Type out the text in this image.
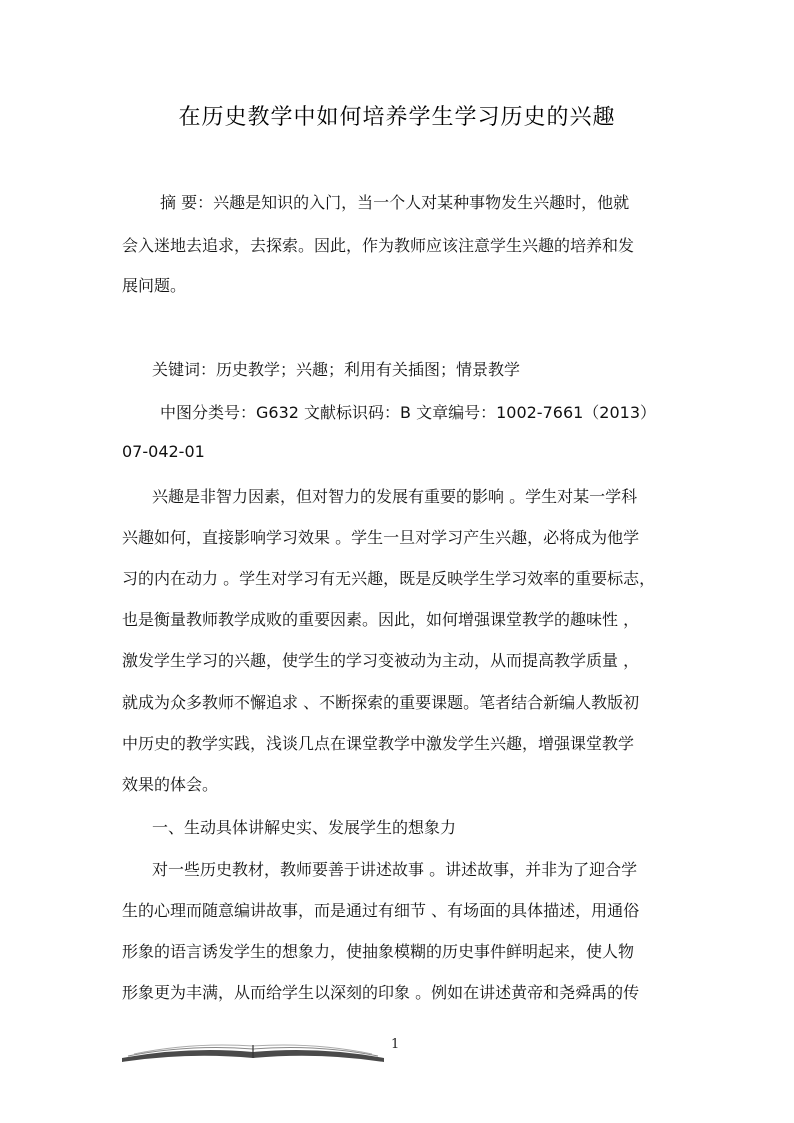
在历史教学中如何培养学生学习历史的兴趣
摘 要：兴趣是知识的入门，当一个人对某种事物发生兴趣时，他就
会入迷地去追求，去探索。因此，作为教师应该注意学生兴趣的培养和发
展问题。
关键词：历史教学；兴趣；利用有关插图；情景教学
中图分类号：G632 文献标识码：B 文章编号：1002-7661（2013）
07-042-01
兴趣是非智力因素，但对智力的发展有重要的影响 。学生对某一学科
兴趣如何，直接影响学习效果 。学生一旦对学习产生兴趣，必将成为他学
习的内在动力 。学生对学习有无兴趣，既是反映学生学习效率的重要标志，
也是衡量教师教学成败的重要因素。因此，如何增强课堂教学的趣味性 ，
激发学生学习的兴趣，使学生的学习变被动为主动，从而提高教学质量 ，
就成为众多教师不懈追求 、不断探索的重要课题。笔者结合新编人教版初
中历史的教学实践，浅谈几点在课堂教学中激发学生兴趣，增强课堂教学
效果的体会。
一、生动具体讲解史实、发展学生的想象力
对一些历史教材，教师要善于讲述故事 。讲述故事，并非为了迎合学
生的心理而随意编讲故事，而是通过有细节 、有场面的具体描述，用通俗
形象的语言诱发学生的想象力，使抽象模糊的历史事件鲜明起来，使人物
形象更为丰满，从而给学生以深刻的印象 。例如在讲述黄帝和尧舜禹的传
1
